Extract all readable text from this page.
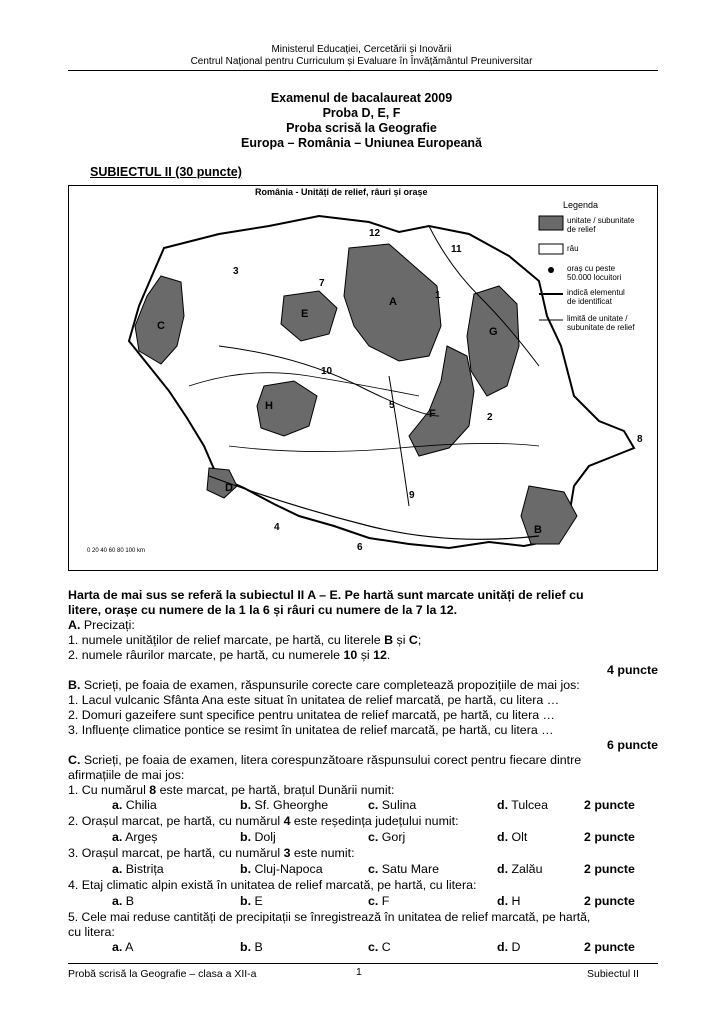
Ministerul Educației, Cercetării și Inovării
Centrul Național pentru Curriculum și Evaluare în Învățământul Preuniversitar
Examenul de bacalaureat 2009
Proba D, E, F
Proba scrisă la Geografie
Europa – România – Uniunea Europeană
SUBIECTUL II (30 puncte)
România - Unități de relief, râuri și orașe
Legenda
unitate / subunitate
de relief
râu
oraș cu peste
50.000 locuitori
indică elementul
de identificat
limită de unitate /
subunitate de relief
A
B
C
D
E
F
G
H
1
2
3
4
5
6
7
8
9
10
11
12
0 20 40 60 80 100 km
Harta de mai sus se referă la subiectul II A – E. Pe hartă sunt marcate unități de relief cu
litere, orașe cu numere de la 1 la 6 și râuri cu numere de la 7 la 12.
A. Precizați:
1. numele unităților de relief marcate, pe hartă, cu literele B și C;
2. numele râurilor marcate, pe hartă, cu numerele 10 și 12.
4 puncte
B. Scrieți, pe foaia de examen, răspunsurile corecte care completează propozițiile de mai jos:
1. Lacul vulcanic Sfânta Ana este situat în unitatea de relief marcată, pe hartă, cu litera …
2. Domuri gazeifere sunt specifice pentru unitatea de relief marcată, pe hartă, cu litera …
3. Influențe climatice pontice se resimt în unitatea de relief marcată, pe hartă, cu litera …
6 puncte
C. Scrieți, pe foaia de examen, litera corespunzătoare răspunsului corect pentru fiecare dintre
afirmațiile de mai jos:
1. Cu numărul 8 este marcat, pe hartă, brațul Dunării numit:
a. Chilia	b. Sf. Gheorghe	c. Sulina	d. Tulcea	2 puncte
2. Orașul marcat, pe hartă, cu numărul 4 este reședința județului numit:
a. Argeș	b. Dolj	c. Gorj	d. Olt	2 puncte
3. Orașul marcat, pe hartă, cu numărul 3 este numit:
a. Bistrița	b. Cluj-Napoca	c. Satu Mare	d. Zalău	2 puncte
4. Etaj climatic alpin există în unitatea de relief marcată, pe hartă, cu litera:
a. B	b. E	c. F	d. H	2 puncte
5. Cele mai reduse cantități de precipitații se înregistrează în unitatea de relief marcată, pe hartă,
cu litera:
a. A	b. B	c. C	d. D	2 puncte
Probă scrisă la Geografie – clasa a XII-a	1	Subiectul II
